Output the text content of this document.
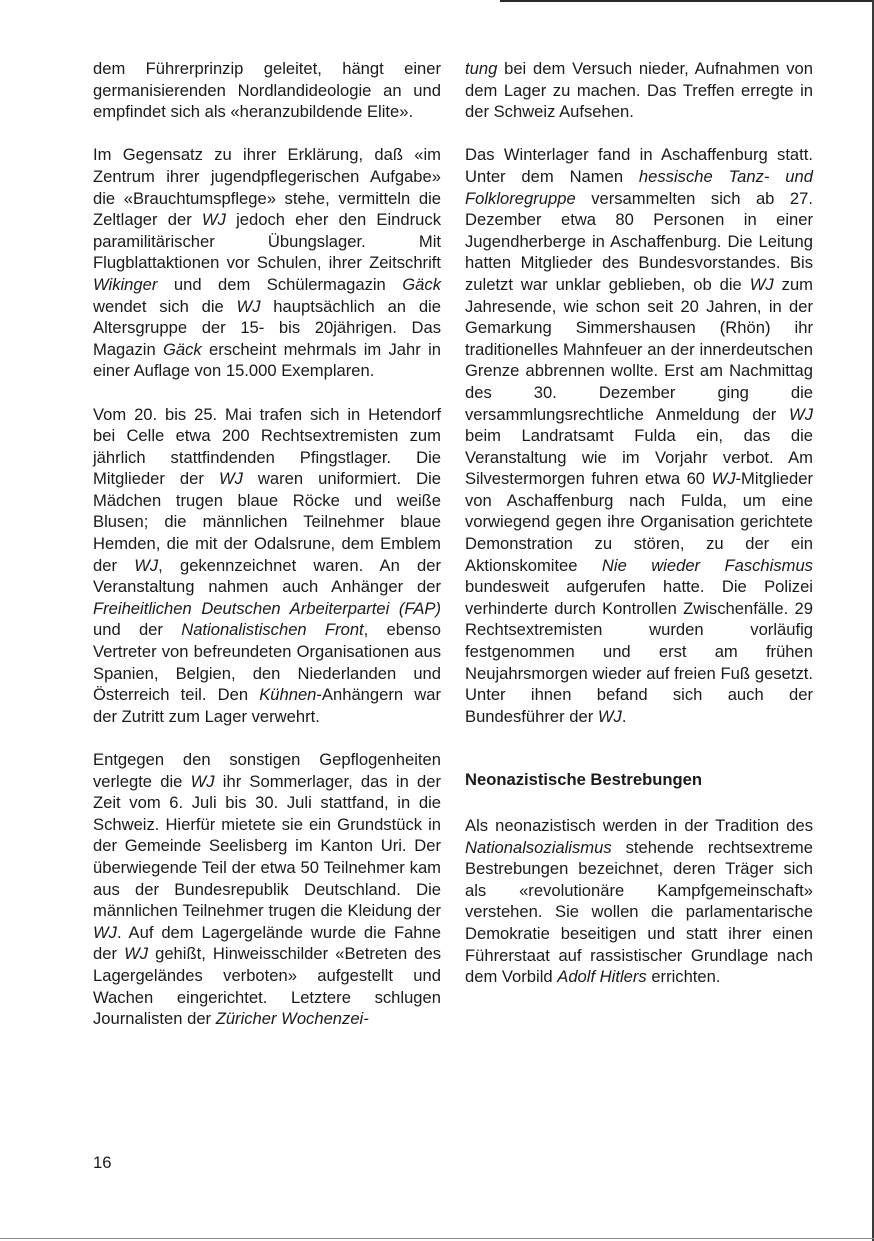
dem Führerprinzip geleitet, hängt einer germanisierenden Nordlandideologie an und empfindet sich als «heranzubildende Elite».

Im Gegensatz zu ihrer Erklärung, daß «im Zentrum ihrer jugendpflegerischen Aufgabe» die «Brauchtumspflege» stehe, vermitteln die Zeltlager der WJ jedoch eher den Eindruck paramilitärischer Übungslager. Mit Flugblattaktionen vor Schulen, ihrer Zeitschrift Wikinger und dem Schülermagazin Gäck wendet sich die WJ hauptsächlich an die Altersgruppe der 15- bis 20jährigen. Das Magazin Gäck erscheint mehrmals im Jahr in einer Auflage von 15.000 Exemplaren.

Vom 20. bis 25. Mai trafen sich in Hetendorf bei Celle etwa 200 Rechtsextremisten zum jährlich stattfindenden Pfingstlager. Die Mitglieder der WJ waren uniformiert. Die Mädchen trugen blaue Röcke und weiße Blusen; die männlichen Teilnehmer blaue Hemden, die mit der Odalsrune, dem Emblem der WJ, gekennzeichnet waren. An der Veranstaltung nahmen auch Anhänger der Freiheitlichen Deutschen Arbeiterpartei (FAP) und der Nationalistischen Front, ebenso Vertreter von befreundeten Organisationen aus Spanien, Belgien, den Niederlanden und Österreich teil. Den Kühnen-Anhängern war der Zutritt zum Lager verwehrt.

Entgegen den sonstigen Gepflogenheiten verlegte die WJ ihr Sommerlager, das in der Zeit vom 6. Juli bis 30. Juli stattfand, in die Schweiz. Hierfür mietete sie ein Grundstück in der Gemeinde Seelisberg im Kanton Uri. Der überwiegende Teil der etwa 50 Teilnehmer kam aus der Bundesrepublik Deutschland. Die männlichen Teilnehmer trugen die Kleidung der WJ. Auf dem Lagergelände wurde die Fahne der WJ gehißt, Hinweisschilder «Betreten des Lagergeländes verboten» aufgestellt und Wachen eingerichtet. Letztere schlugen Journalisten der Züricher Wochenzei-

tung bei dem Versuch nieder, Aufnahmen von dem Lager zu machen. Das Treffen erregte in der Schweiz Aufsehen.

Das Winterlager fand in Aschaffenburg statt. Unter dem Namen hessische Tanz- und Folkloregruppe versammelten sich ab 27. Dezember etwa 80 Personen in einer Jugendherberge in Aschaffenburg. Die Leitung hatten Mitglieder des Bundesvorstandes. Bis zuletzt war unklar geblieben, ob die WJ zum Jahresende, wie schon seit 20 Jahren, in der Gemarkung Simmershausen (Rhön) ihr traditionelles Mahnfeuer an der innerdeutschen Grenze abbrennen wollte. Erst am Nachmittag des 30. Dezember ging die versammlungsrechtliche Anmeldung der WJ beim Landratsamt Fulda ein, das die Veranstaltung wie im Vorjahr verbot. Am Silvestermorgen fuhren etwa 60 WJ-Mitglieder von Aschaffenburg nach Fulda, um eine vorwiegend gegen ihre Organisation gerichtete Demonstration zu stören, zu der ein Aktionskomitee Nie wieder Faschismus bundesweit aufgerufen hatte. Die Polizei verhinderte durch Kontrollen Zwischenfälle. 29 Rechtsextremisten wurden vorläufig festgenommen und erst am frühen Neujahrsmorgen wieder auf freien Fuß gesetzt. Unter ihnen befand sich auch der Bundesführer der WJ.

Neonazistische Bestrebungen

Als neonazistisch werden in der Tradition des Nationalsozialismus stehende rechtsextreme Bestrebungen bezeichnet, deren Träger sich als «revolutionäre Kampfgemeinschaft» verstehen. Sie wollen die parlamentarische Demokratie beseitigen und statt ihrer einen Führerstaat auf rassistischer Grundlage nach dem Vorbild Adolf Hitlers errichten.

16
